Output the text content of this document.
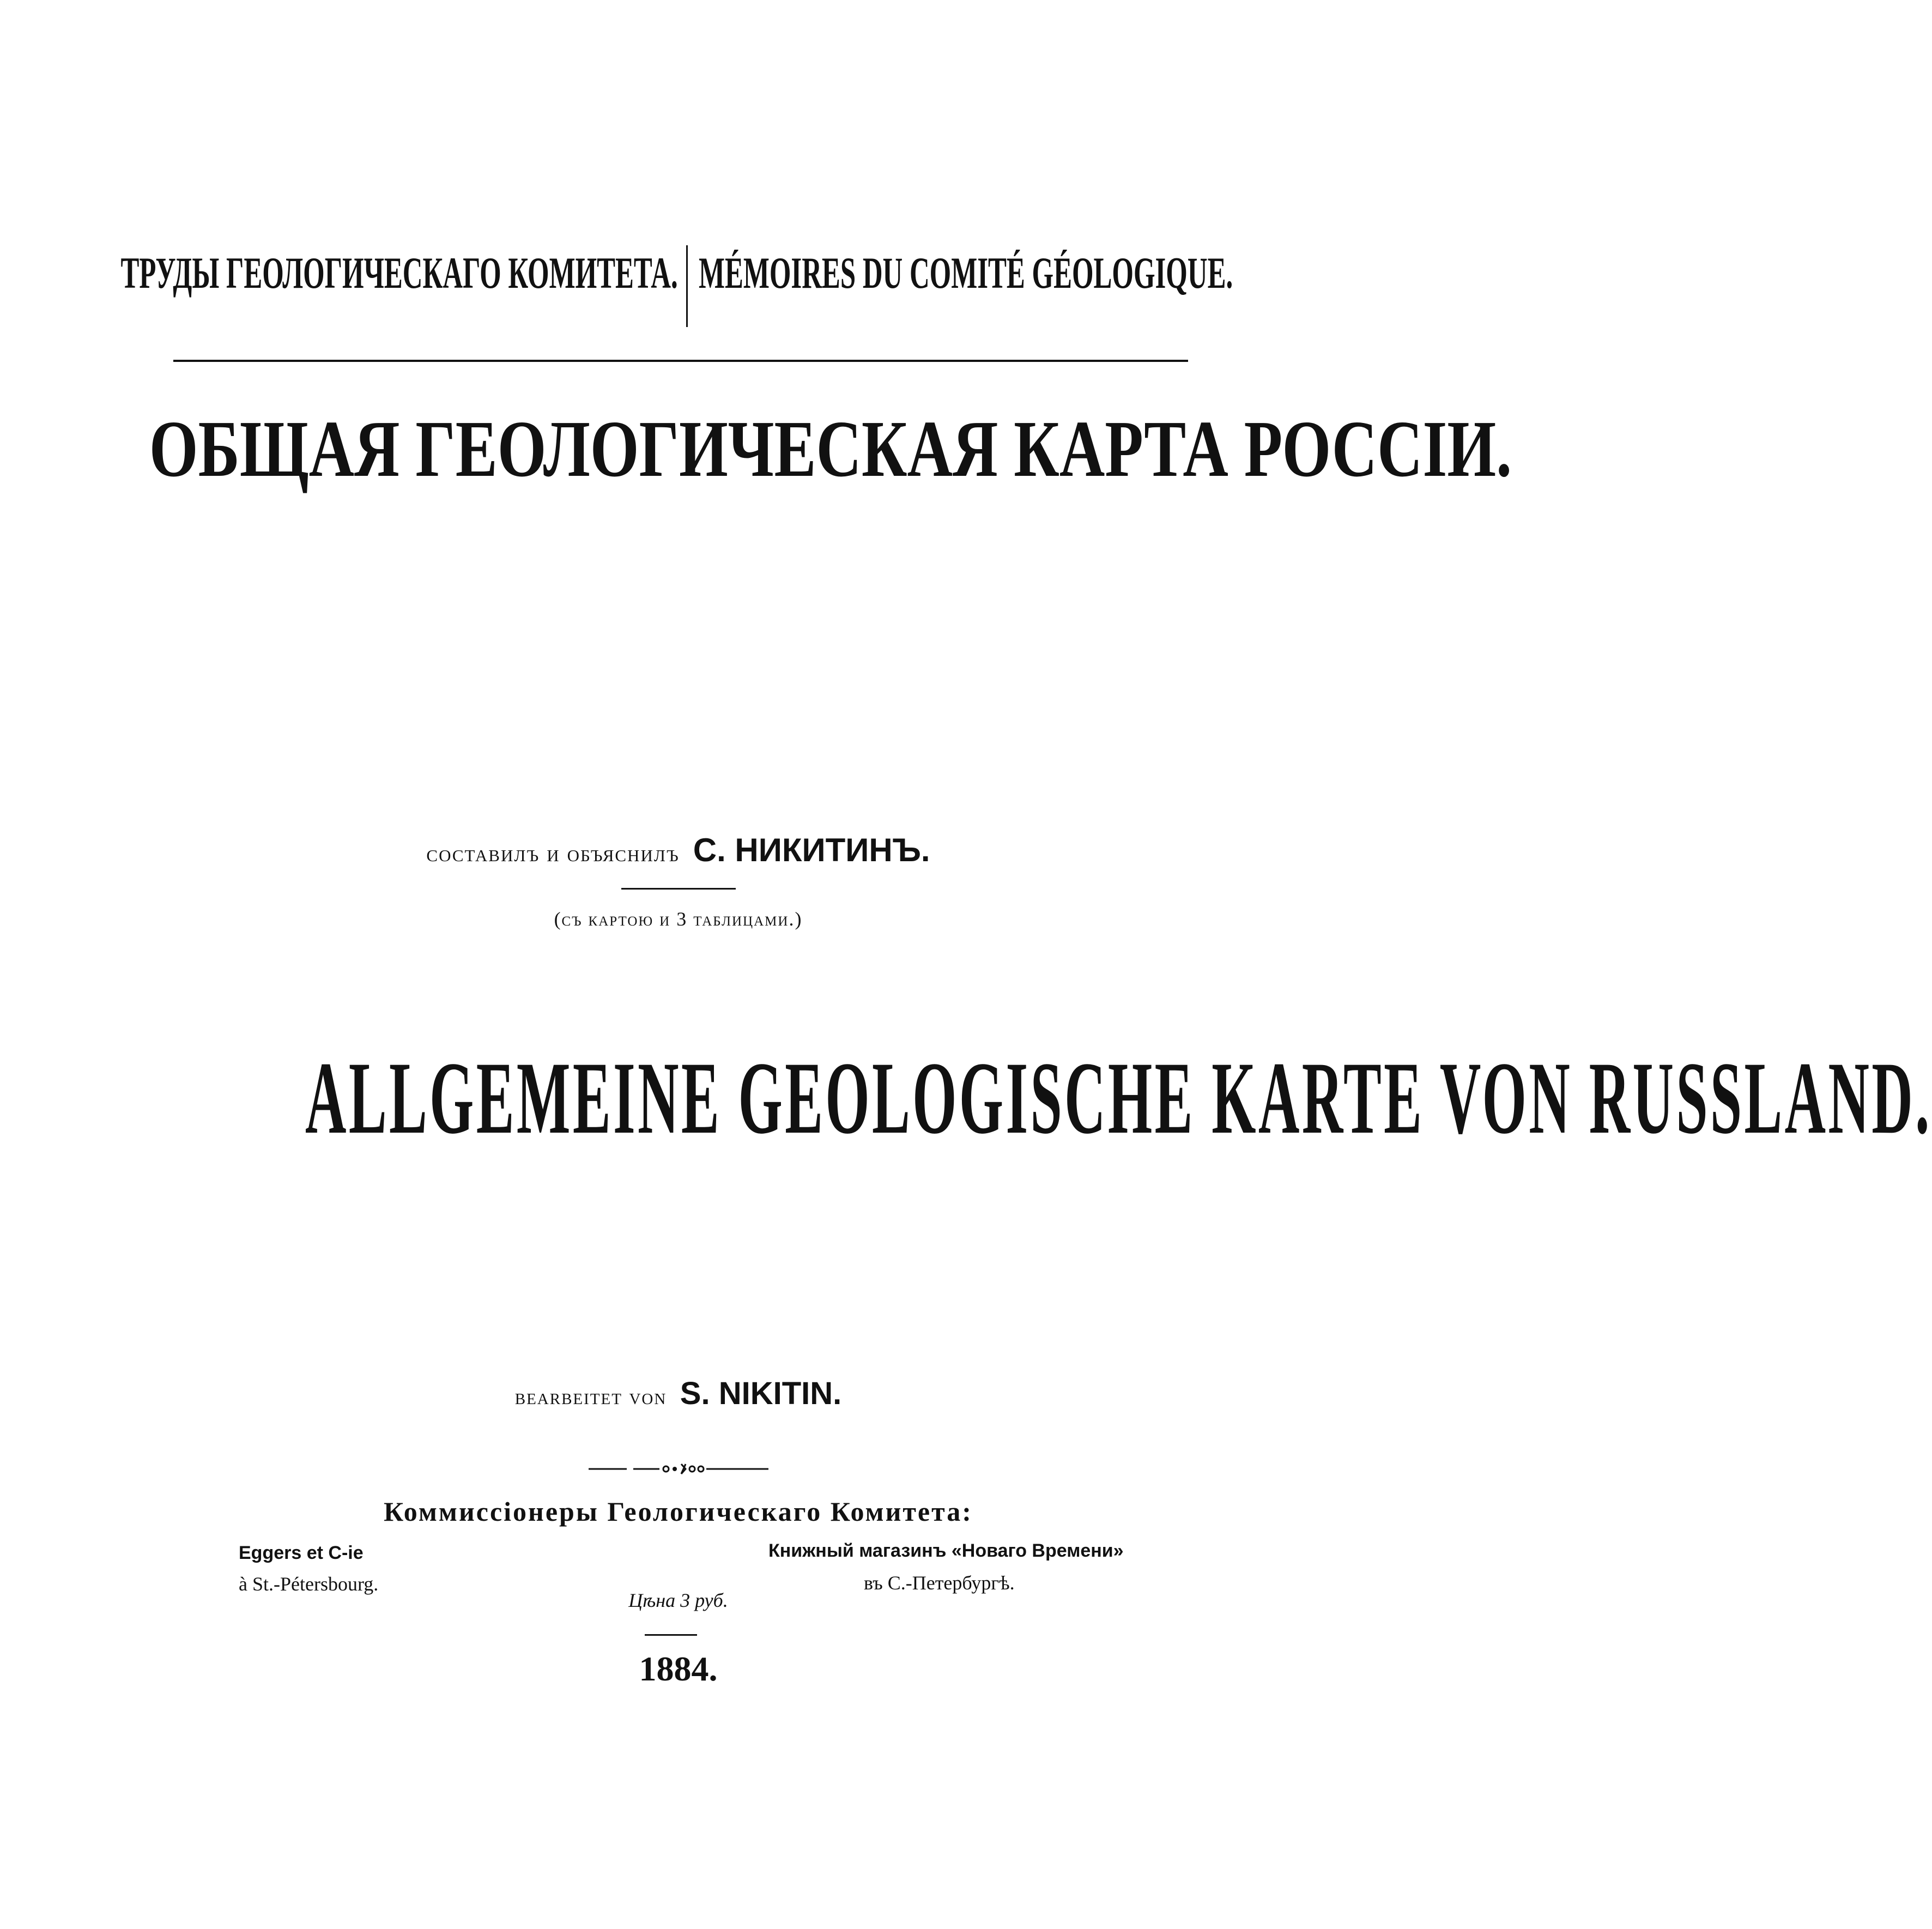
ТРУДЫ ГЕОЛОГИЧЕСКАГО КОМИТЕТА. MÉMOIRES DU COMITÉ GÉOLOGIQUE.
ОБЩАЯ ГЕОЛОГИЧЕСКАЯ КАРТА РОССIИ.
составилъ и объяснилъ С. НИКИТИНЪ.
(съ картою и 3 таблицами.)
ALLGEMEINE GEOLOGISCHE KARTE VON RUSSLAND.
bearbeitet von S. NIKITIN.
Коммиссiонеры Геологическаго Комитета:
Eggers et C-ie
à St.-Pétersbourg.
Книжный магазинъ «Новаго Времени»
въ С.-Петербургѣ.
Цѣна 3 руб.
1884.
